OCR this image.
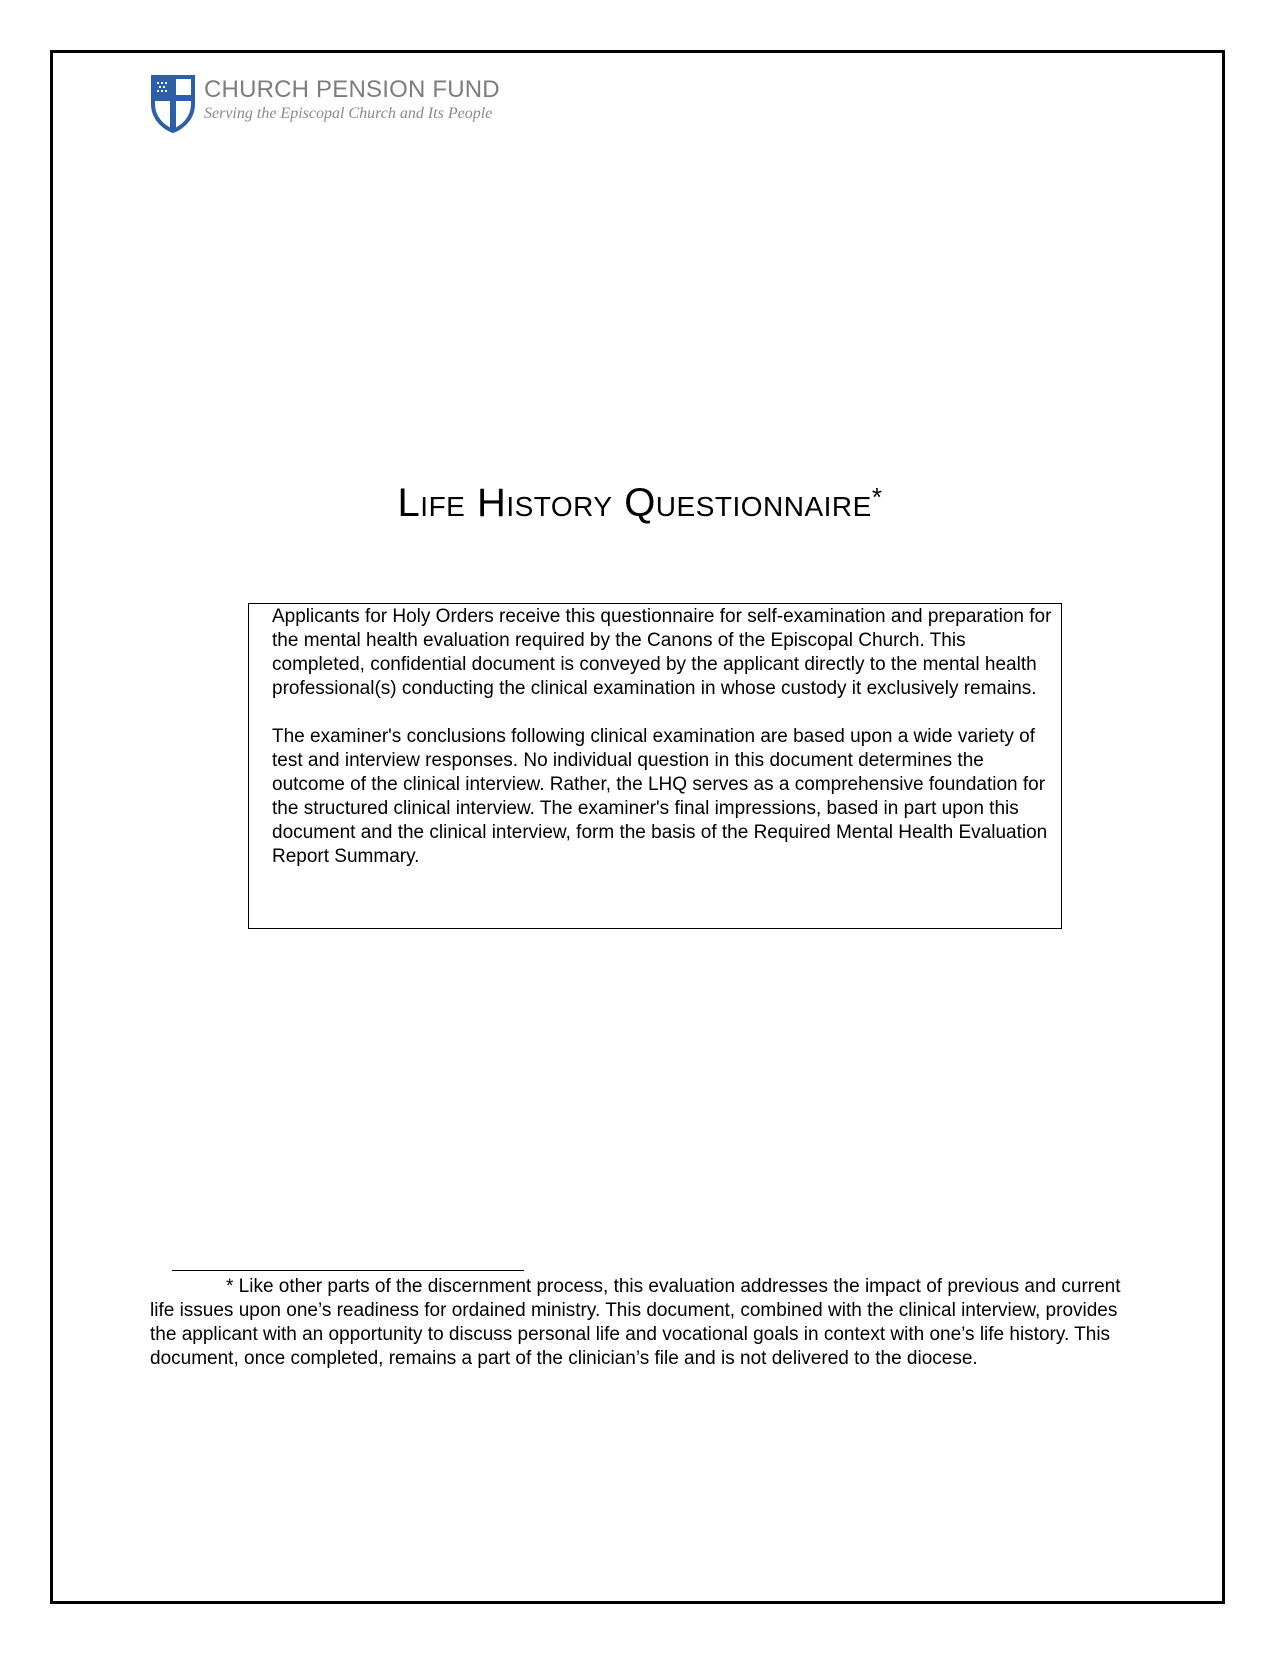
CHURCH PENSION FUND
Serving the Episcopal Church and Its People
Life History Questionnaire*

Applicants for Holy Orders receive this questionnaire for self-examination and preparation for the mental health evaluation required by the Canons of the Episcopal Church. This completed, confidential document is conveyed by the applicant directly to the mental health professional(s) conducting the clinical examination in whose custody it exclusively remains.

The examiner's conclusions following clinical examination are based upon a wide variety of test and interview responses. No individual question in this document determines the outcome of the clinical interview. Rather, the LHQ serves as a comprehensive foundation for the structured clinical interview. The examiner's final impressions, based in part upon this document and the clinical interview, form the basis of the Required Mental Health Evaluation Report Summary.

* Like other parts of the discernment process, this evaluation addresses the impact of previous and current life issues upon one’s readiness for ordained ministry. This document, combined with the clinical interview, provides the applicant with an opportunity to discuss personal life and vocational goals in context with one’s life history. This document, once completed, remains a part of the clinician’s file and is not delivered to the diocese.
